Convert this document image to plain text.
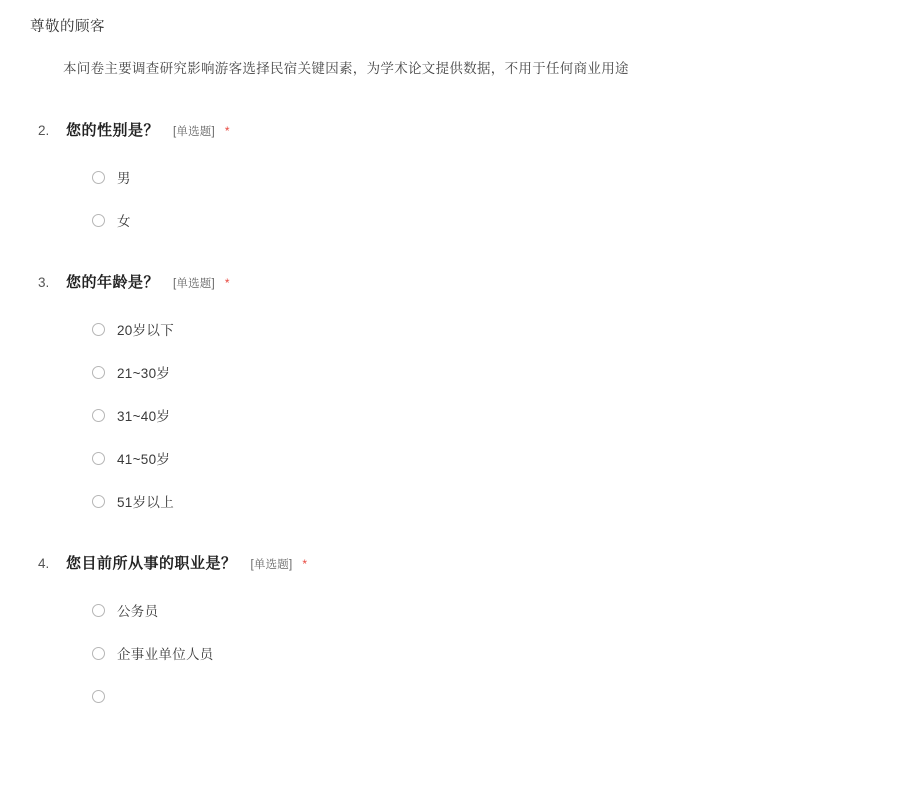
尊敬的顾客
本问卷主要调查研究影响游客选择民宿关键因素，为学术论文提供数据，不用于任何商业用途
2.	您的性别是？ [单选题] *
男
女
3.	您的年龄是？ [单选题] *
20岁以下
21~30岁
31~40岁
41~50岁
51岁以上
4.	您目前所从事的职业是？ [单选题] *
公务员
企事业单位人员
